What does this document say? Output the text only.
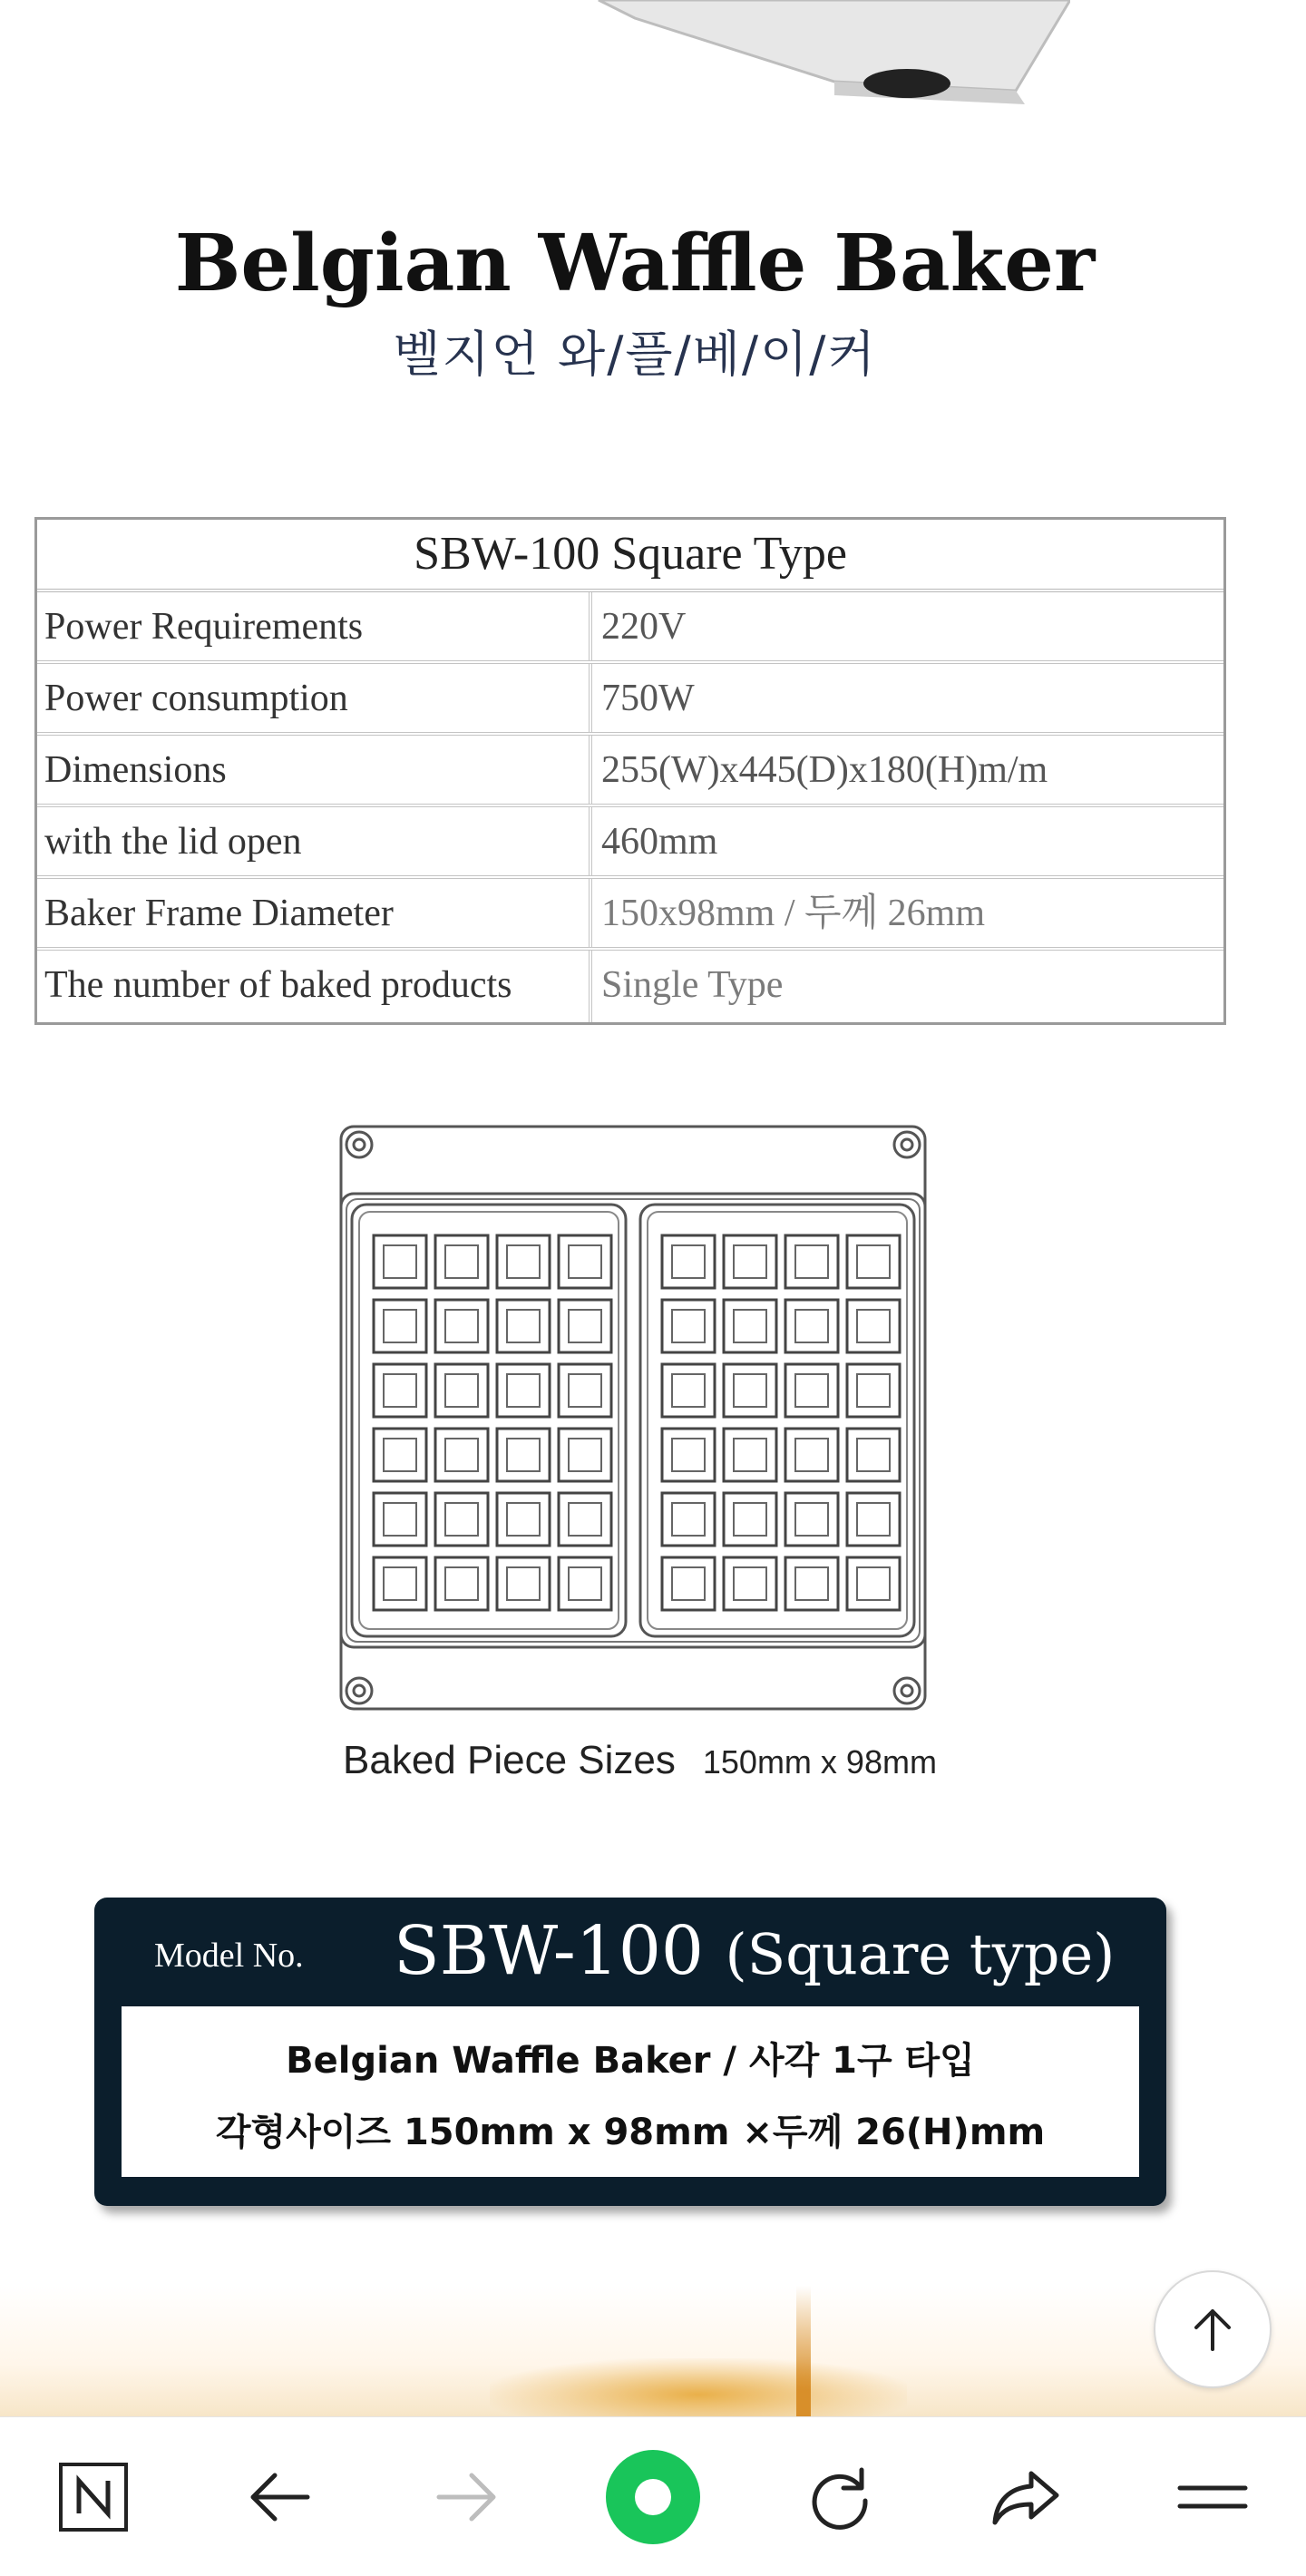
Belgian Waffle Baker
벨지언 와/플/베/이/커
SBW-100 Square Type
Power Requirements	220V
Power consumption	750W
Dimensions	255(W)x445(D)x180(H)m/m
with the lid open	460mm
Baker Frame Diameter	150x98mm / 두께 26mm
The number of baked products	Single Type
Baked Piece Sizes 150mm x 98mm
Model No. SBW-100 (Square type)
Belgian Waffle Baker / 사각 1구 타입
각형사이즈 150mm x 98mm ×두께 26(H)mm
